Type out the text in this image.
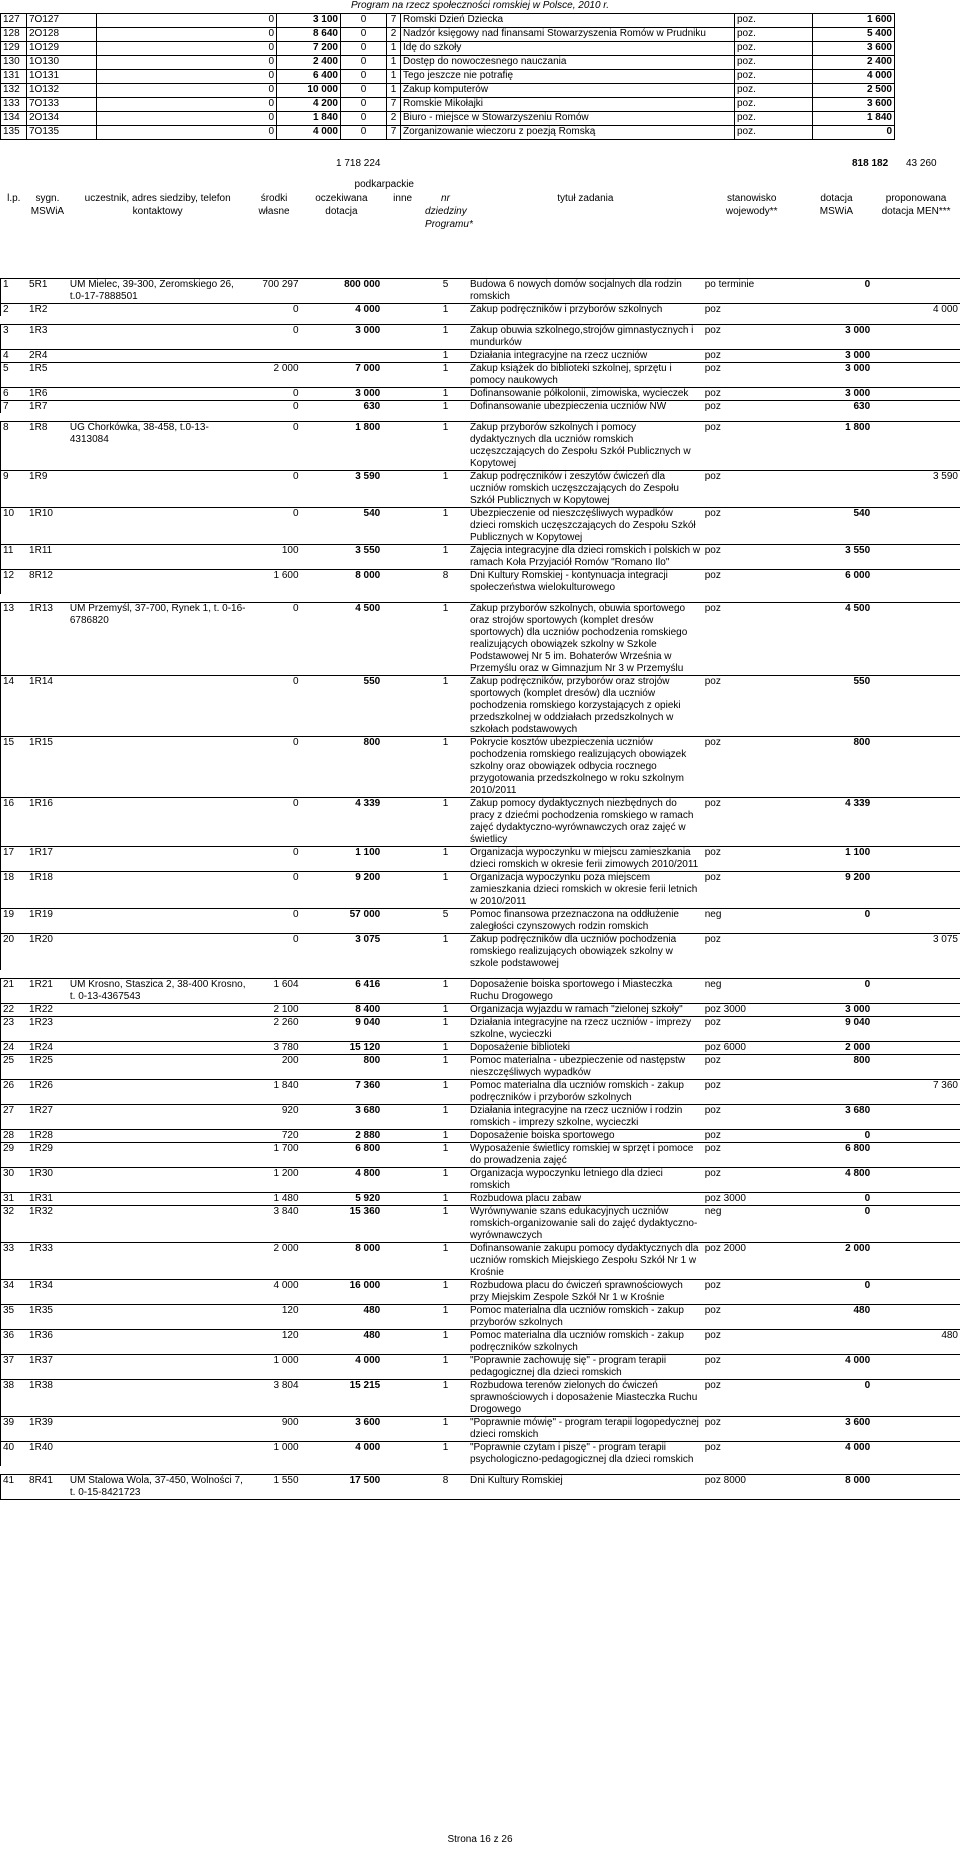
Program na rzecz społeczności romskiej w Polsce, 2010 r.
127	7O127	0	3 100	0	7	Romski Dzień Dziecka	poz.	1 600
128	2O128	0	8 640	0	2	Nadzór księgowy nad finansami Stowarzyszenia Romów w Prudniku	poz.	5 400
129	1O129	0	7 200	0	1	Idę do szkoły	poz.	3 600
130	1O130	0	2 400	0	1	Dostęp do nowoczesnego nauczania	poz.	2 400
131	1O131	0	6 400	0	1	Tego jeszcze nie potrafię	poz.	4 000
132	1O132	0	10 000	0	1	Zakup komputerów	poz.	2 500
133	7O133	0	4 200	0	7	Romskie Mikołajki	poz.	3 600
134	2O134	0	1 840	0	2	Biuro - miejsce w Stowarzyszeniu Romów	poz.	1 840
135	7O135	0	4 000	0	7	Zorganizowanie wieczoru z poezją Romską	poz.	0
1 718 224	818 182 43 260
				podkarpackie						
l.p.	sygn. MSWiA	uczestnik, adres siedziby, telefon kontaktowy	środki własne	oczekiwana dotacja	inne	nr dziedziny Programu*	tytuł zadania	stanowisko wojewody**	dotacja MSWiA	proponowana dotacja MEN***
1	5R1	UM Mielec, 39-300, Żeromskiego 26, t.0-17-7888501	700 297	800 000		5	Budowa 6 nowych domów socjalnych dla rodzin romskich	po terminie	0	
2	1R2		0	4 000		1	Zakup podręczników i przyborów szkolnych	poz		4 000

3	1R3		0	3 000		1	Zakup obuwia szkolnego,strojów gimnastycznych i mundurków	poz	3 000	
4	2R4					1	Działania integracyjne na rzecz uczniów	poz	3 000	
5	1R5		2 000	7 000		1	Zakup książek do biblioteki szkolnej, sprzętu i pomocy naukowych	poz	3 000	
6	1R6		0	3 000		1	Dofinansowanie półkolonii, zimowiska, wycieczek	poz	3 000	
7	1R7		0	630		1	Dofinansowanie ubezpieczenia uczniów NW	poz	630	

8	1R8	UG Chorkówka, 38-458, t.0-13-4313084	0	1 800		1	Zakup przyborów szkolnych i pomocy dydaktycznych dla uczniów romskich uczęszczających do Zespołu Szkół Publicznych w Kopytowej	poz	1 800	
9	1R9		0	3 590		1	Zakup podręczników i zeszytów ćwiczeń dla uczniów romskich uczęszczających do Zespołu Szkół Publicznych w Kopytowej	poz		3 590
10	1R10		0	540		1	Ubezpieczenie od nieszczęśliwych wypadków dzieci romskich uczęszczających do Zespołu Szkół Publicznych w Kopytowej	poz	540	
11	1R11		100	3 550		1	Zajęcia integracyjne dla dzieci romskich i polskich w ramach Koła Przyjaciół Romów "Romano Ilo"	poz	3 550	
12	8R12		1 600	8 000		8	Dni Kultury Romskiej - kontynuacja integracji społeczeństwa wielokulturowego	poz	6 000	

13	1R13	UM Przemyśl, 37-700, Rynek 1, t. 0-16-6786820	0	4 500		1	Zakup przyborów szkolnych, obuwia sportowego oraz strojów sportowych (komplet dresów sportowych) dla uczniów pochodzenia romskiego realizujących obowiązek szkolny w Szkole Podstawowej Nr 5 im. Bohaterów Września w Przemyślu oraz w Gimnazjum Nr 3 w Przemyślu	poz	4 500	
14	1R14		0	550		1	Zakup podręczników, przyborów oraz strojów sportowych (komplet dresów) dla uczniów pochodzenia romskiego korzystających z opieki przedszkolnej w oddziałach przedszkolnych w szkołach podstawowych	poz	550	
15	1R15		0	800		1	Pokrycie kosztów ubezpieczenia uczniów pochodzenia romskiego realizujących obowiązek szkolny oraz obowiązek odbycia rocznego przygotowania przedszkolnego w roku szkolnym 2010/2011	poz	800	
16	1R16		0	4 339		1	Zakup pomocy dydaktycznych niezbędnych do pracy z dziećmi pochodzenia romskiego w ramach zajęć dydaktyczno-wyrównawczych oraz zajęć w świetlicy	poz	4 339	
17	1R17		0	1 100		1	Organizacja wypoczynku w miejscu zamieszkania dzieci romskich w okresie ferii zimowych 2010/2011	poz	1 100	
18	1R18		0	9 200		1	Organizacja wypoczynku poza miejscem zamieszkania dzieci romskich w okresie ferii letnich w 2010/2011	poz	9 200	
19	1R19		0	57 000		5	Pomoc finansowa przeznaczona na oddłużenie zaległości czynszowych rodzin romskich	neg	0	
20	1R20		0	3 075		1	Zakup podręczników dla uczniów pochodzenia romskiego realizujących obowiązek szkolny w szkole podstawowej	poz		3 075

21	1R21	UM Krosno, Staszica 2, 38-400 Krosno, t. 0-13-4367543	1 604	6 416		1	Doposażenie boiska sportowego i Miasteczka Ruchu Drogowego	neg	0	
22	1R22		2 100	8 400		1	Organizacja wyjazdu w ramach "zielonej szkoły"	poz 3000	3 000	
23	1R23		2 260	9 040		1	Działania integracyjne na rzecz uczniów - imprezy szkolne, wycieczki	poz	9 040	
24	1R24		3 780	15 120		1	Doposażenie biblioteki	poz 6000	2 000	
25	1R25		200	800		1	Pomoc materialna - ubezpieczenie od następstw nieszczęśliwych wypadków	poz	800	
26	1R26		1 840	7 360		1	Pomoc materialna dla uczniów romskich - zakup podręczników i przyborów szkolnych	poz		7 360
27	1R27		920	3 680		1	Działania integracyjne na rzecz uczniów i rodzin romskich - imprezy szkolne, wycieczki	poz	3 680	
28	1R28		720	2 880		1	Doposażenie boiska sportowego	poz	0	
29	1R29		1 700	6 800		1	Wyposażenie świetlicy romskiej w sprzęt i pomoce do prowadzenia zajęć	poz	6 800	
30	1R30		1 200	4 800		1	Organizacja wypoczynku letniego dla dzieci romskich	poz	4 800	
31	1R31		1 480	5 920		1	Rozbudowa placu zabaw	poz 3000	0	
32	1R32		3 840	15 360		1	Wyrównywanie szans edukacyjnych uczniów romskich-organizowanie sali do zajęć dydaktyczno-wyrównawczych	neg	0	
33	1R33		2 000	8 000		1	Dofinansowanie zakupu pomocy dydaktycznych dla uczniów romskich Miejskiego Zespołu Szkół Nr 1 w Krośnie	poz 2000	2 000	
34	1R34		4 000	16 000		1	Rozbudowa placu do ćwiczeń sprawnościowych przy Miejskim Zespole Szkół Nr 1 w Krośnie	poz	0	
35	1R35		120	480		1	Pomoc materialna dla uczniów romskich - zakup przyborów szkolnych	poz	480	
36	1R36		120	480		1	Pomoc materialna dla uczniów romskich - zakup podręczników szkolnych	poz		480
37	1R37		1 000	4 000		1	"Poprawnie zachowuję się" - program terapii pedagogicznej dla dzieci romskich	poz	4 000	
38	1R38		3 804	15 215		1	Rozbudowa terenów zielonych do ćwiczeń sprawnościowych i doposażenie Miasteczka Ruchu Drogowego	poz	0	
39	1R39		900	3 600		1	"Poprawnie mówię" - program terapii logopedycznej dzieci romskich	poz	3 600	
40	1R40		1 000	4 000		1	"Poprawnie czytam i piszę" - program terapii psychologiczno-pedagogicznej dla dzieci romskich	poz	4 000	

41	8R41	UM Stalowa Wola, 37-450, Wolności 7, t. 0-15-8421723	1 550	17 500		8	Dni Kultury Romskiej	poz 8000	8 000	
Strona 16 z 26
